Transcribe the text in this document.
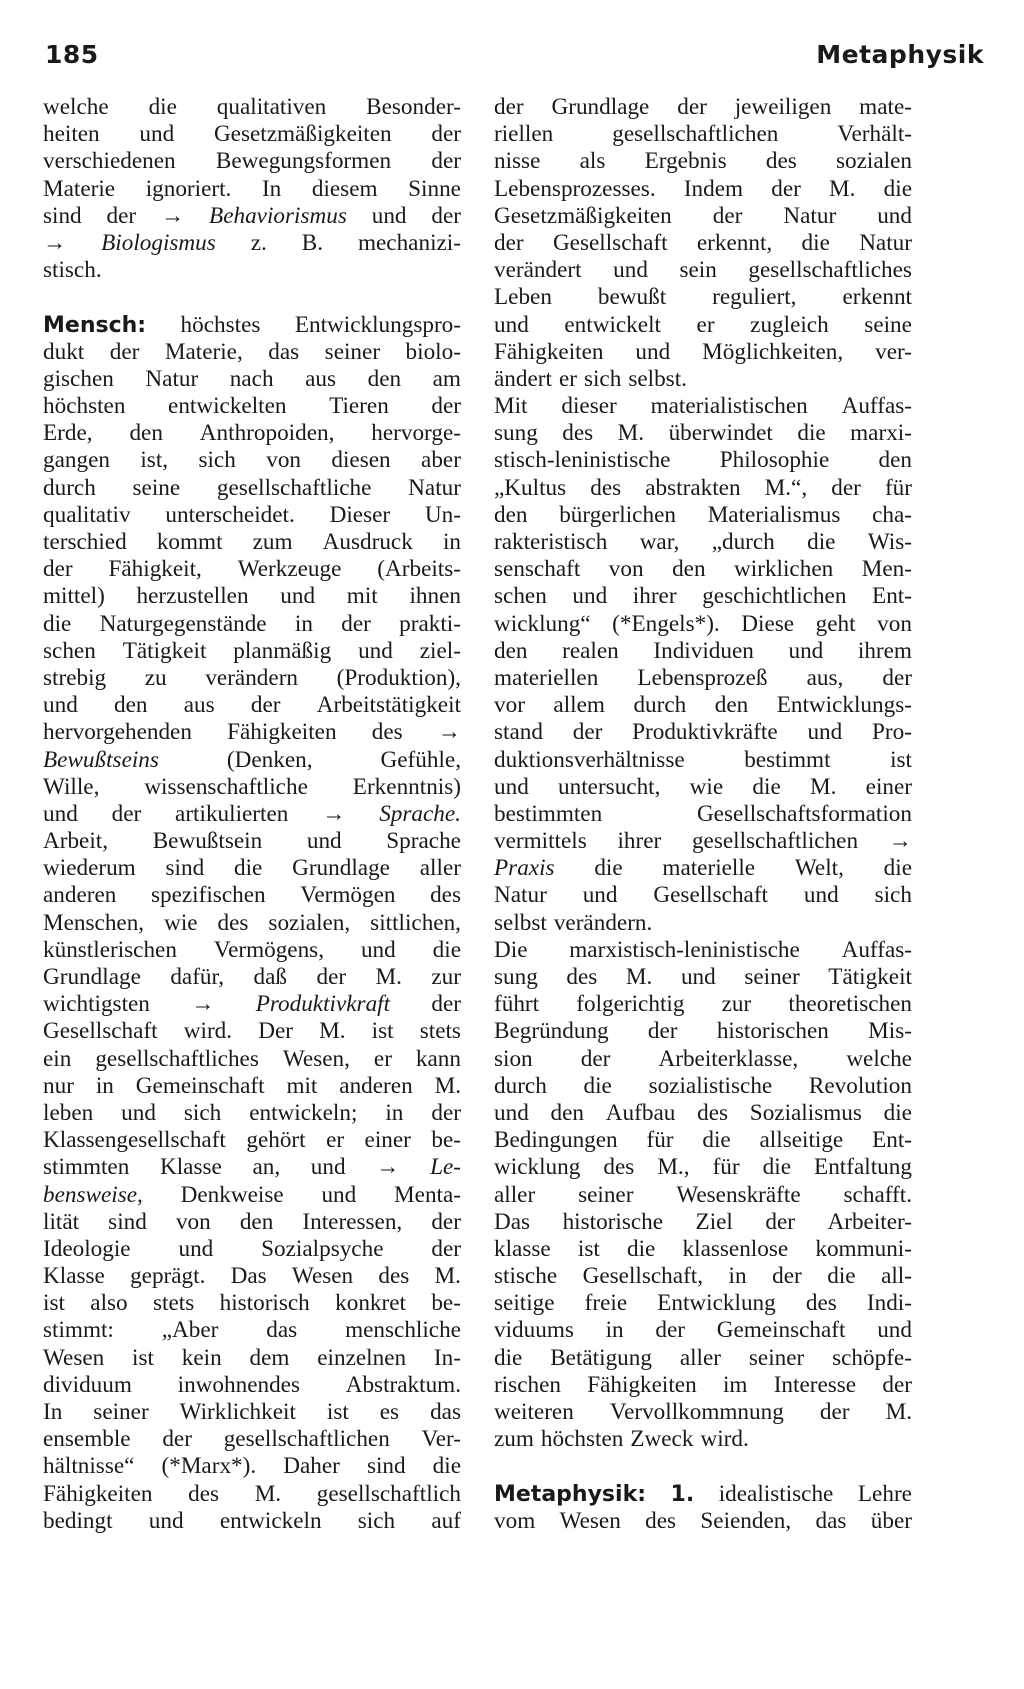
185	Metaphysik
welche die qualitativen Besonder-
heiten und Gesetzmäßigkeiten der
verschiedenen Bewegungsformen der
Materie ignoriert. In diesem Sinne
sind der → Behaviorismus und der
→ Biologismus z. B. mechanizi-
stisch.
Mensch: höchstes Entwicklungspro-
dukt der Materie, das seiner biolo-
gischen Natur nach aus den am
höchsten entwickelten Tieren der
Erde, den Anthropoiden, hervorge-
gangen ist, sich von diesen aber
durch seine gesellschaftliche Natur
qualitativ unterscheidet. Dieser Un-
terschied kommt zum Ausdruck in
der Fähigkeit, Werkzeuge (Arbeits-
mittel) herzustellen und mit ihnen
die Naturgegenstände in der prakti-
schen Tätigkeit planmäßig und ziel-
strebig zu verändern (Produktion),
und den aus der Arbeitstätigkeit
hervorgehenden Fähigkeiten des →
Bewußtseins	(Denken,	Gefühle,
Wille, wissenschaftliche Erkenntnis)
und der artikulierten → Sprache.
Arbeit, Bewußtsein und Sprache
wiederum sind die Grundlage aller
anderen spezifischen Vermögen des
Menschen, wie des sozialen, sittlichen,
künstlerischen Vermögens, und die
Grundlage dafür, daß der M. zur
wichtigsten → Produktivkraft der
Gesellschaft wird. Der M. ist stets
ein gesellschaftliches Wesen, er kann
nur in Gemeinschaft mit anderen M.
leben und sich entwickeln; in der
Klassengesellschaft gehört er einer be-
stimmten Klasse an, und → Le-
bensweise, Denkweise und Menta-
lität sind von den Interessen, der
Ideologie und Sozialpsyche der
Klasse geprägt. Das Wesen des M.
ist also stets historisch konkret be-
stimmt: „Aber das menschliche
Wesen ist kein dem einzelnen In-
dividuum inwohnendes Abstraktum.
In seiner Wirklichkeit ist es das
ensemble der gesellschaftlichen Ver-
hältnisse“ (*Marx*). Daher sind die
Fähigkeiten des M. gesellschaftlich
bedingt und entwickeln sich auf
der Grundlage der jeweiligen mate-
riellen	gesellschaftlichen	Verhält-
nisse als Ergebnis des sozialen
Lebensprozesses. Indem der M. die
Gesetzmäßigkeiten der Natur und
der Gesellschaft erkennt, die Natur
verändert und sein gesellschaftliches
Leben bewußt reguliert, erkennt
und entwickelt er zugleich seine
Fähigkeiten und Möglichkeiten, ver-
ändert er sich selbst.
Mit dieser materialistischen Auffas-
sung des M. überwindet die marxi-
stisch-leninistische Philosophie den
„Kultus des abstrakten M.“, der für
den bürgerlichen Materialismus cha-
rakteristisch war, „durch die Wis-
senschaft von den wirklichen Men-
schen und ihrer geschichtlichen Ent-
wicklung“ (*Engels*). Diese geht von
den realen Individuen und ihrem
materiellen Lebensprozeß aus, der
vor allem durch den Entwicklungs-
stand der Produktivkräfte und Pro-
duktionsverhältnisse	bestimmt	ist
und untersucht, wie die M. einer
bestimmten	Gesellschaftsformation
vermittels ihrer gesellschaftlichen →
Praxis die materielle Welt, die
Natur und Gesellschaft und sich
selbst verändern.
Die marxistisch-leninistische Auffas-
sung des M. und seiner Tätigkeit
führt folgerichtig zur theoretischen
Begründung der historischen Mis-
sion der Arbeiterklasse, welche
durch die sozialistische Revolution
und den Aufbau des Sozialismus die
Bedingungen für die allseitige Ent-
wicklung des M., für die Entfaltung
aller seiner Wesenskräfte schafft.
Das historische Ziel der Arbeiter-
klasse ist die klassenlose kommuni-
stische Gesellschaft, in der die all-
seitige freie Entwicklung des Indi-
viduums in der Gemeinschaft und
die Betätigung aller seiner schöpfe-
rischen Fähigkeiten im Interesse der
weiteren Vervollkommnung der M.
zum höchsten Zweck wird.
Metaphysik: 1. idealistische Lehre
vom Wesen des Seienden, das über
